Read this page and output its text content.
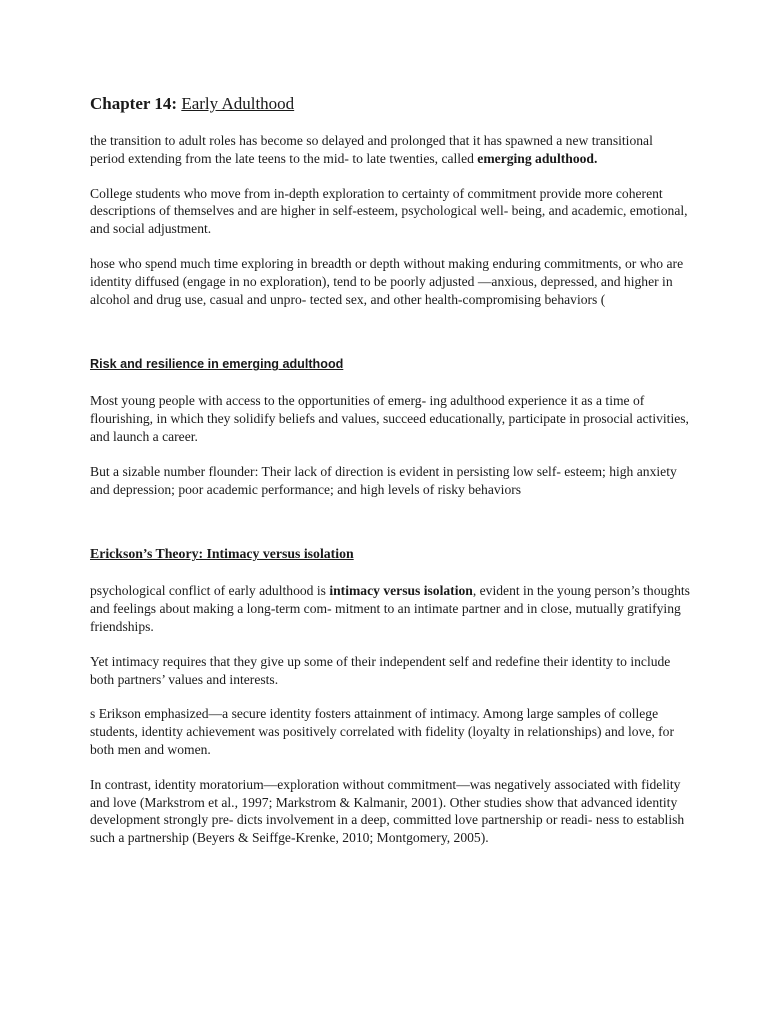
Chapter 14: Early Adulthood

the transition to adult roles has become so delayed and prolonged that it has spawned a new transitional period extending from the late teens to the mid- to late twenties, called emerging adulthood.

College students who move from in-depth exploration to certainty of commitment provide more coherent descriptions of themselves and are higher in self-esteem, psychological well- being, and academic, emotional, and social adjustment.

hose who spend much time exploring in breadth or depth without making enduring commitments, or who are identity diffused (engage in no exploration), tend to be poorly adjusted —anxious, depressed, and higher in alcohol and drug use, casual and unpro- tected sex, and other health-compromising behaviors (

Risk and resilience in emerging adulthood

Most young people with access to the opportunities of emerg- ing adulthood experience it as a time of flourishing, in which they solidify beliefs and values, succeed educationally, participate in prosocial activities, and launch a career.

But a sizable number flounder: Their lack of direction is evident in persisting low self- esteem; high anxiety and depression; poor academic performance; and high levels of risky behaviors

Erickson’s Theory: Intimacy versus isolation

psychological conflict of early adulthood is intimacy versus isolation, evident in the young person’s thoughts and feelings about making a long-term com- mitment to an intimate partner and in close, mutually gratifying friendships.

Yet intimacy requires that they give up some of their independent self and redefine their identity to include both partners’ values and interests.

s Erikson emphasized—a secure identity fosters attainment of intimacy. Among large samples of college students, identity achievement was positively correlated with fidelity (loyalty in relationships) and love, for both men and women.

In contrast, identity moratorium—exploration without commitment—was negatively associated with fidelity and love (Markstrom et al., 1997; Markstrom & Kalmanir, 2001). Other studies show that advanced identity development strongly pre- dicts involvement in a deep, committed love partnership or readi- ness to establish such a partnership (Beyers & Seiffge-Krenke, 2010; Montgomery, 2005).
